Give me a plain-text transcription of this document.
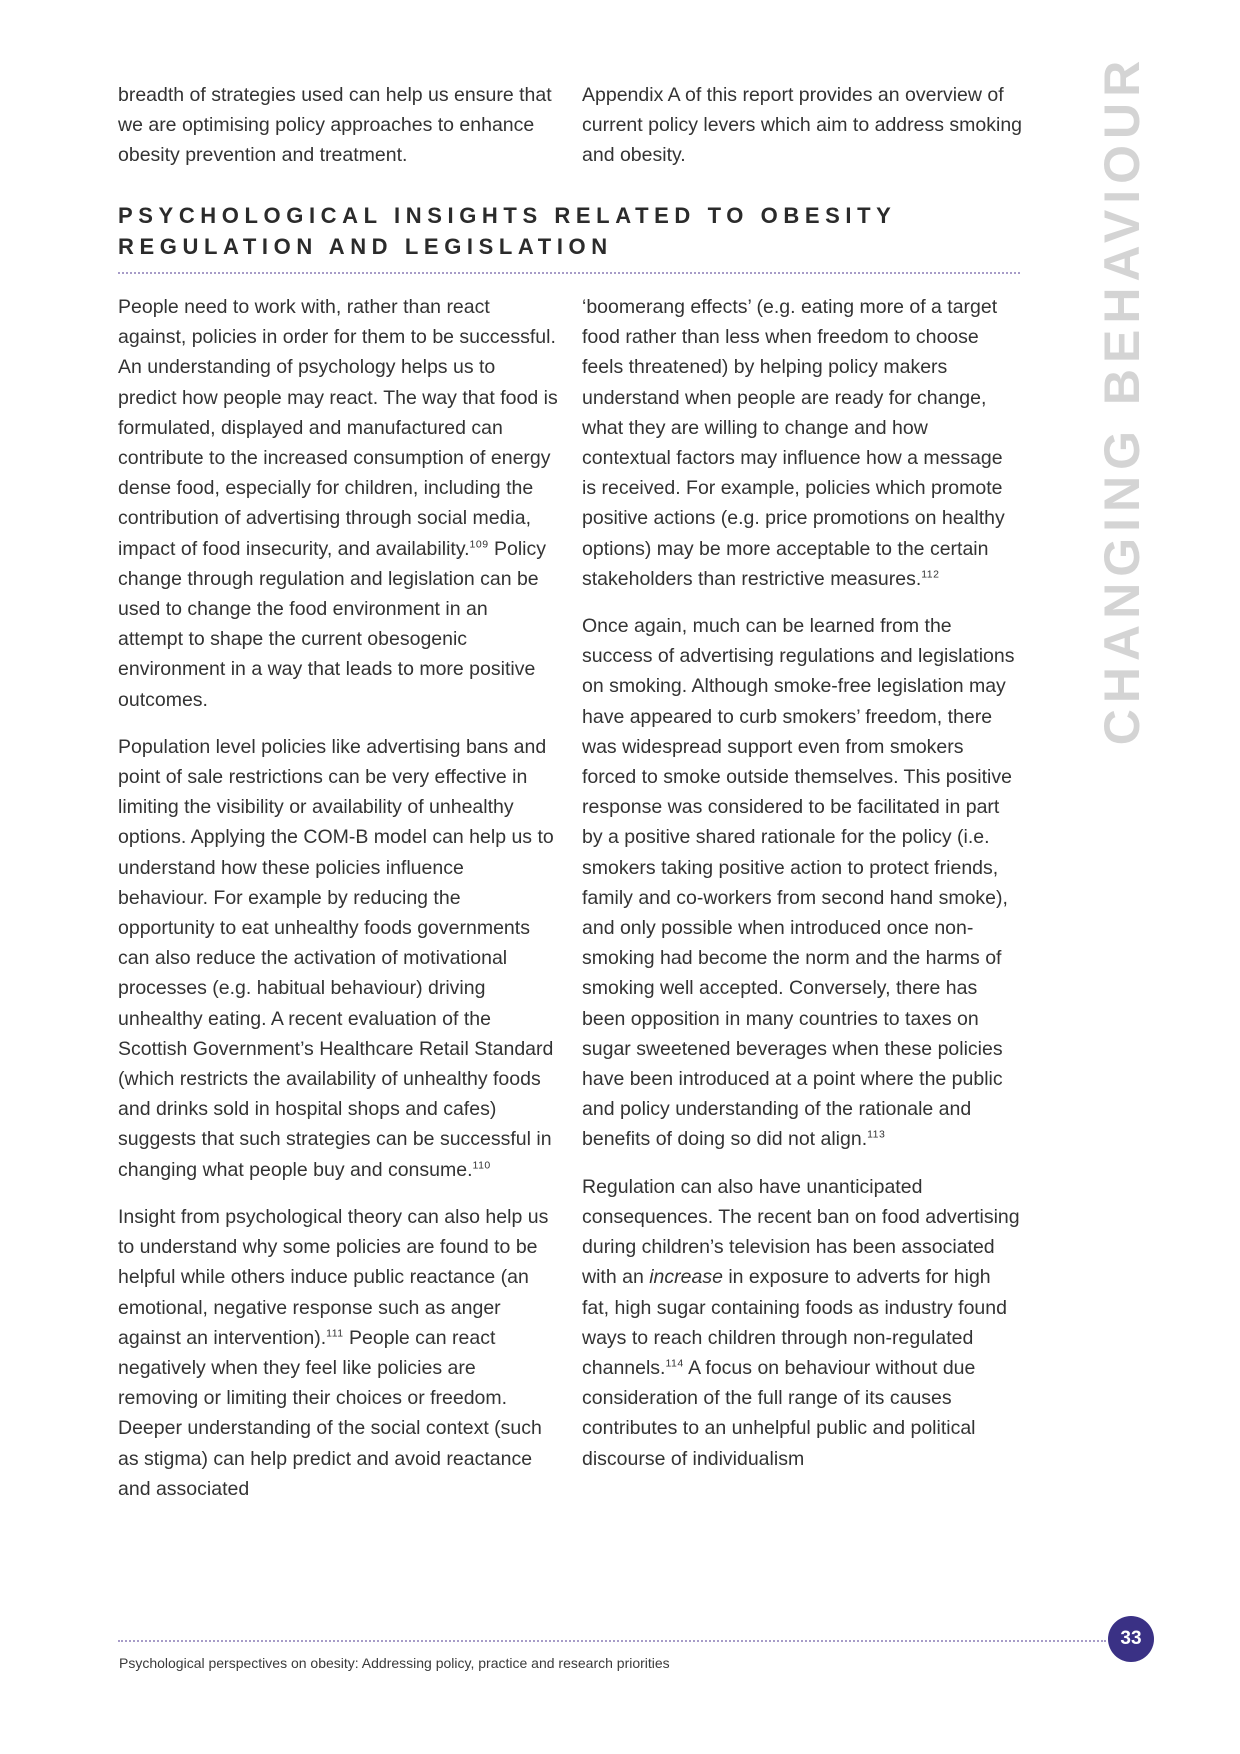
breadth of strategies used can help us ensure that we are optimising policy approaches to enhance obesity prevention and treatment.

Appendix A of this report provides an overview of current policy levers which aim to address smoking and obesity.

PSYCHOLOGICAL INSIGHTS RELATED TO OBESITY REGULATION AND LEGISLATION

People need to work with, rather than react against, policies in order for them to be successful. An understanding of psychology helps us to predict how people may react. The way that food is formulated, displayed and manufactured can contribute to the increased consumption of energy dense food, especially for children, including the contribution of advertising through social media, impact of food insecurity, and availability.$^{109}$ Policy change through regulation and legislation can be used to change the food environment in an attempt to shape the current obesogenic environment in a way that leads to more positive outcomes.

Population level policies like advertising bans and point of sale restrictions can be very effective in limiting the visibility or availability of unhealthy options. Applying the COM-B model can help us to understand how these policies influence behaviour. For example by reducing the opportunity to eat unhealthy foods governments can also reduce the activation of motivational processes (e.g. habitual behaviour) driving unhealthy eating. A recent evaluation of the Scottish Government’s Healthcare Retail Standard (which restricts the availability of unhealthy foods and drinks sold in hospital shops and cafes) suggests that such strategies can be successful in changing what people buy and consume.$^{110}$

Insight from psychological theory can also help us to understand why some policies are found to be helpful while others induce public reactance (an emotional, negative response such as anger against an intervention).$^{111}$ People can react negatively when they feel like policies are removing or limiting their choices or freedom. Deeper understanding of the social context (such as stigma) can help predict and avoid reactance and associated

‘boomerang effects’ (e.g. eating more of a target food rather than less when freedom to choose feels threatened) by helping policy makers understand when people are ready for change, what they are willing to change and how contextual factors may influence how a message is received. For example, policies which promote positive actions (e.g. price promotions on healthy options) may be more acceptable to the certain stakeholders than restrictive measures.$^{112}$

Once again, much can be learned from the success of advertising regulations and legislations on smoking. Although smoke-free legislation may have appeared to curb smokers’ freedom, there was widespread support even from smokers forced to smoke outside themselves. This positive response was considered to be facilitated in part by a positive shared rationale for the policy (i.e. smokers taking positive action to protect friends, family and co-workers from second hand smoke), and only possible when introduced once non-smoking had become the norm and the harms of smoking well accepted. Conversely, there has been opposition in many countries to taxes on sugar sweetened beverages when these policies have been introduced at a point where the public and policy understanding of the rationale and benefits of doing so did not align.$^{113}$

Regulation can also have unanticipated consequences. The recent ban on food advertising during children’s television has been associated with an increase in exposure to adverts for high fat, high sugar containing foods as industry found ways to reach children through non-regulated channels.$^{114}$ A focus on behaviour without due consideration of the full range of its causes contributes to an unhelpful public and political discourse of individualism

CHANGING BEHAVIOUR
33
Psychological perspectives on obesity: Addressing policy, practice and research priorities
